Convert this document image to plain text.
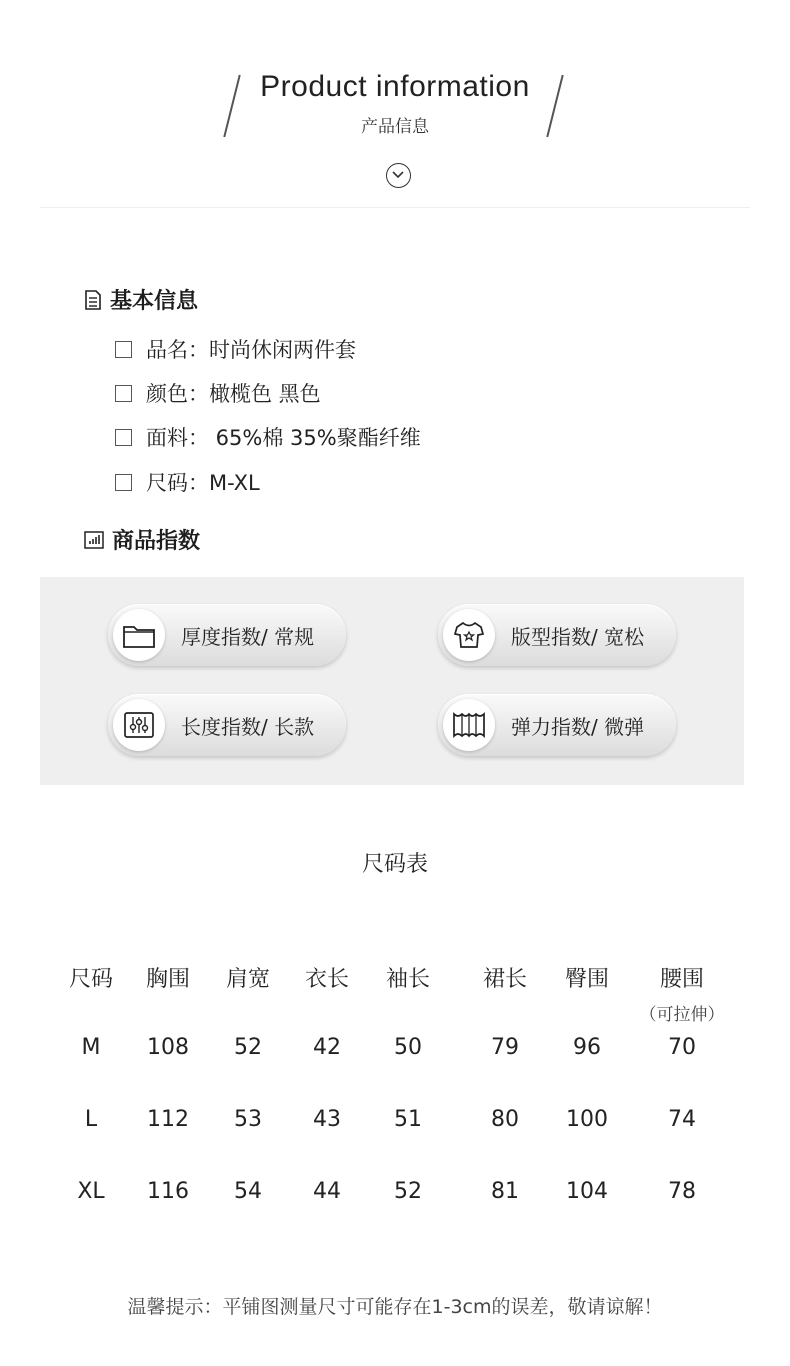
Product information
产品信息
基本信息
品名：时尚休闲两件套
颜色：橄榄色 黑色
面料： 65%棉 35%聚酯纤维
尺码：M-XL
商品指数
厚度指数/ 常规	版型指数/ 宽松
长度指数/ 长款	弹力指数/ 微弹
尺码表
尺码	胸围	肩宽	衣长	袖长	裙长	臀围	腰围
（可拉伸）
M	108	52	42	50	79	96	70
L	112	53	43	51	80	100	74
XL	116	54	44	52	81	104	78
温馨提示：平铺图测量尺寸可能存在1-3cm的误差，敬请谅解！
